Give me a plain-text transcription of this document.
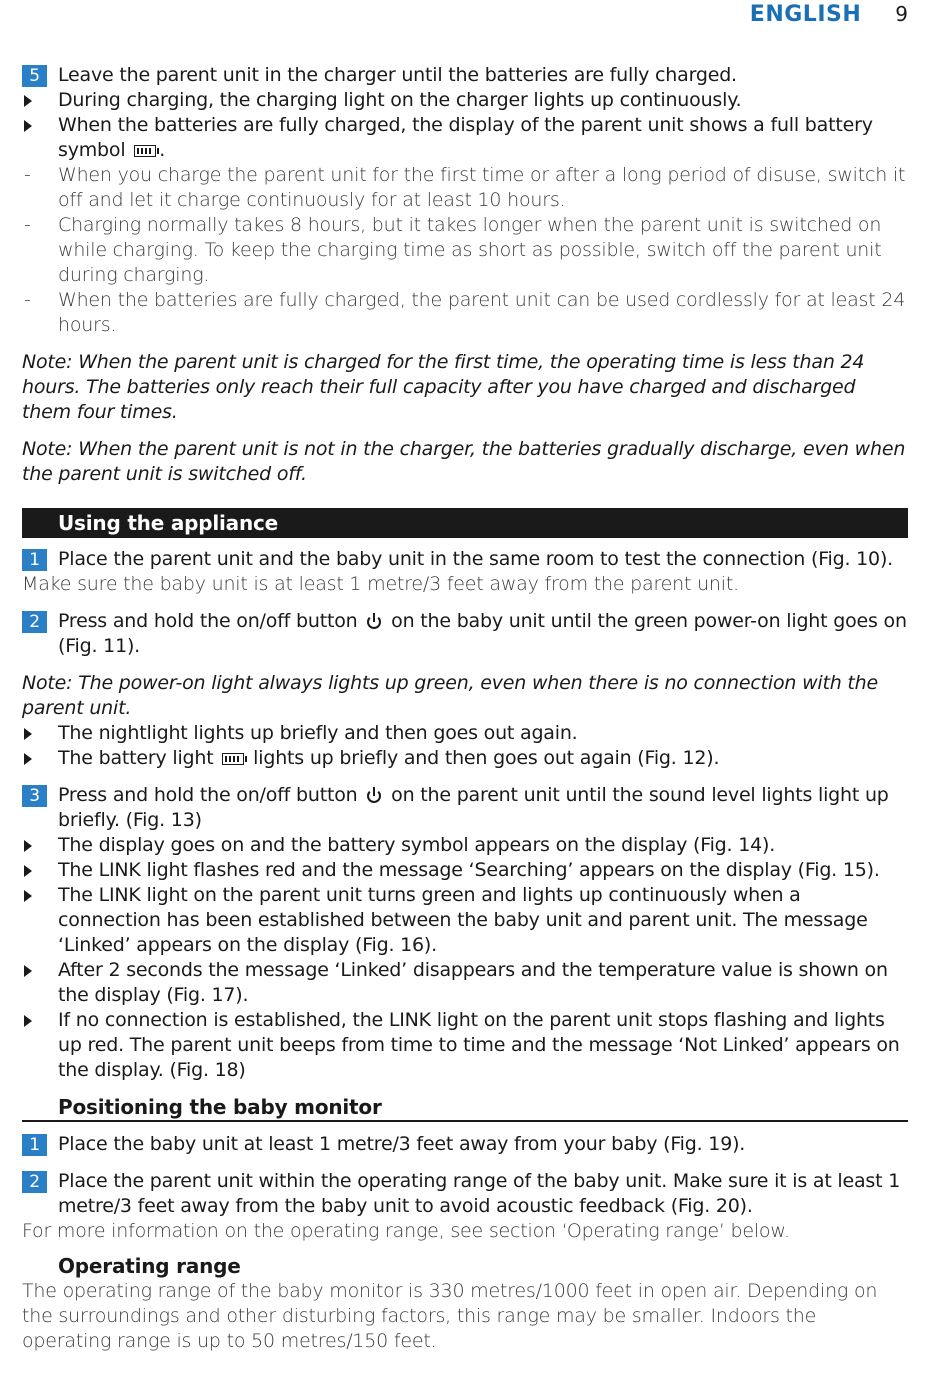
ENGLISH 9
5 Leave the parent unit in the charger until the batteries are fully charged.
During charging, the charging light on the charger lights up continuously.
When the batteries are fully charged, the display of the parent unit shows a full battery symbol .
- When you charge the parent unit for the first time or after a long period of disuse, switch it off and let it charge continuously for at least 10 hours.
- Charging normally takes 8 hours, but it takes longer when the parent unit is switched on while charging. To keep the charging time as short as possible, switch off the parent unit during charging.
- When the batteries are fully charged, the parent unit can be used cordlessly for at least 24 hours.
Note: When the parent unit is charged for the first time, the operating time is less than 24 hours. The batteries only reach their full capacity after you have charged and discharged them four times.
Note: When the parent unit is not in the charger, the batteries gradually discharge, even when the parent unit is switched off.
Using the appliance
1 Place the parent unit and the baby unit in the same room to test the connection (Fig. 10).
Make sure the baby unit is at least 1 metre/3 feet away from the parent unit.
2 Press and hold the on/off button on the baby unit until the green power-on light goes on (Fig. 11).
Note: The power-on light always lights up green, even when there is no connection with the parent unit.
The nightlight lights up briefly and then goes out again.
The battery light lights up briefly and then goes out again (Fig. 12).
3 Press and hold the on/off button on the parent unit until the sound level lights light up briefly. (Fig. 13)
The display goes on and the battery symbol appears on the display (Fig. 14).
The LINK light flashes red and the message ‘Searching’ appears on the display (Fig. 15).
The LINK light on the parent unit turns green and lights up continuously when a connection has been established between the baby unit and parent unit. The message ‘Linked’ appears on the display (Fig. 16).
After 2 seconds the message ‘Linked’ disappears and the temperature value is shown on the display (Fig. 17).
If no connection is established, the LINK light on the parent unit stops flashing and lights up red. The parent unit beeps from time to time and the message ‘Not Linked’ appears on the display. (Fig. 18)
Positioning the baby monitor
1 Place the baby unit at least 1 metre/3 feet away from your baby (Fig. 19).
2 Place the parent unit within the operating range of the baby unit. Make sure it is at least 1 metre/3 feet away from the baby unit to avoid acoustic feedback (Fig. 20).
For more information on the operating range, see section ‘Operating range’ below.
Operating range
The operating range of the baby monitor is 330 metres/1000 feet in open air. Depending on the surroundings and other disturbing factors, this range may be smaller. Indoors the operating range is up to 50 metres/150 feet.
